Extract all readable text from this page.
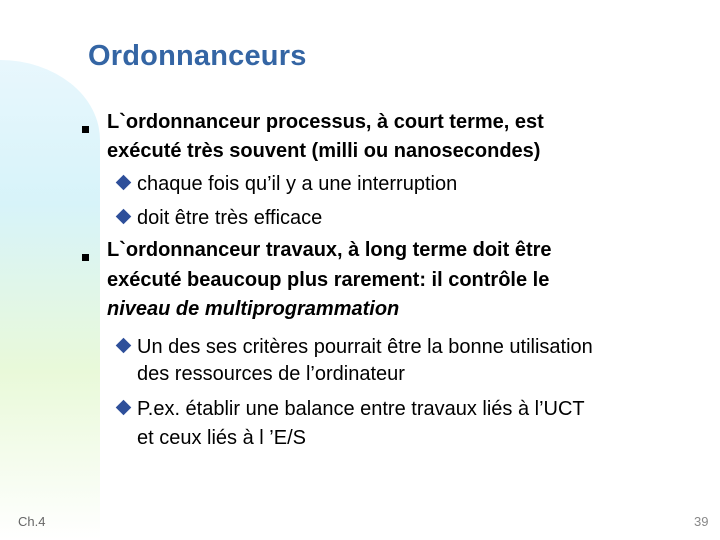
Ordonnanceurs
L`ordonnanceur processus, à court terme, est
exécuté très souvent (milli ou nanosecondes)
chaque fois qu’il y a une interruption
doit être très efficace
L`ordonnanceur travaux, à long terme doit être
exécuté beaucoup plus rarement: il contrôle le
niveau de multiprogrammation
Un des ses critères pourrait être la bonne utilisation
des ressources de l’ordinateur
P.ex. établir une balance entre travaux liés à l’UCT
et ceux liés à l ’E/S
Ch.4	39
